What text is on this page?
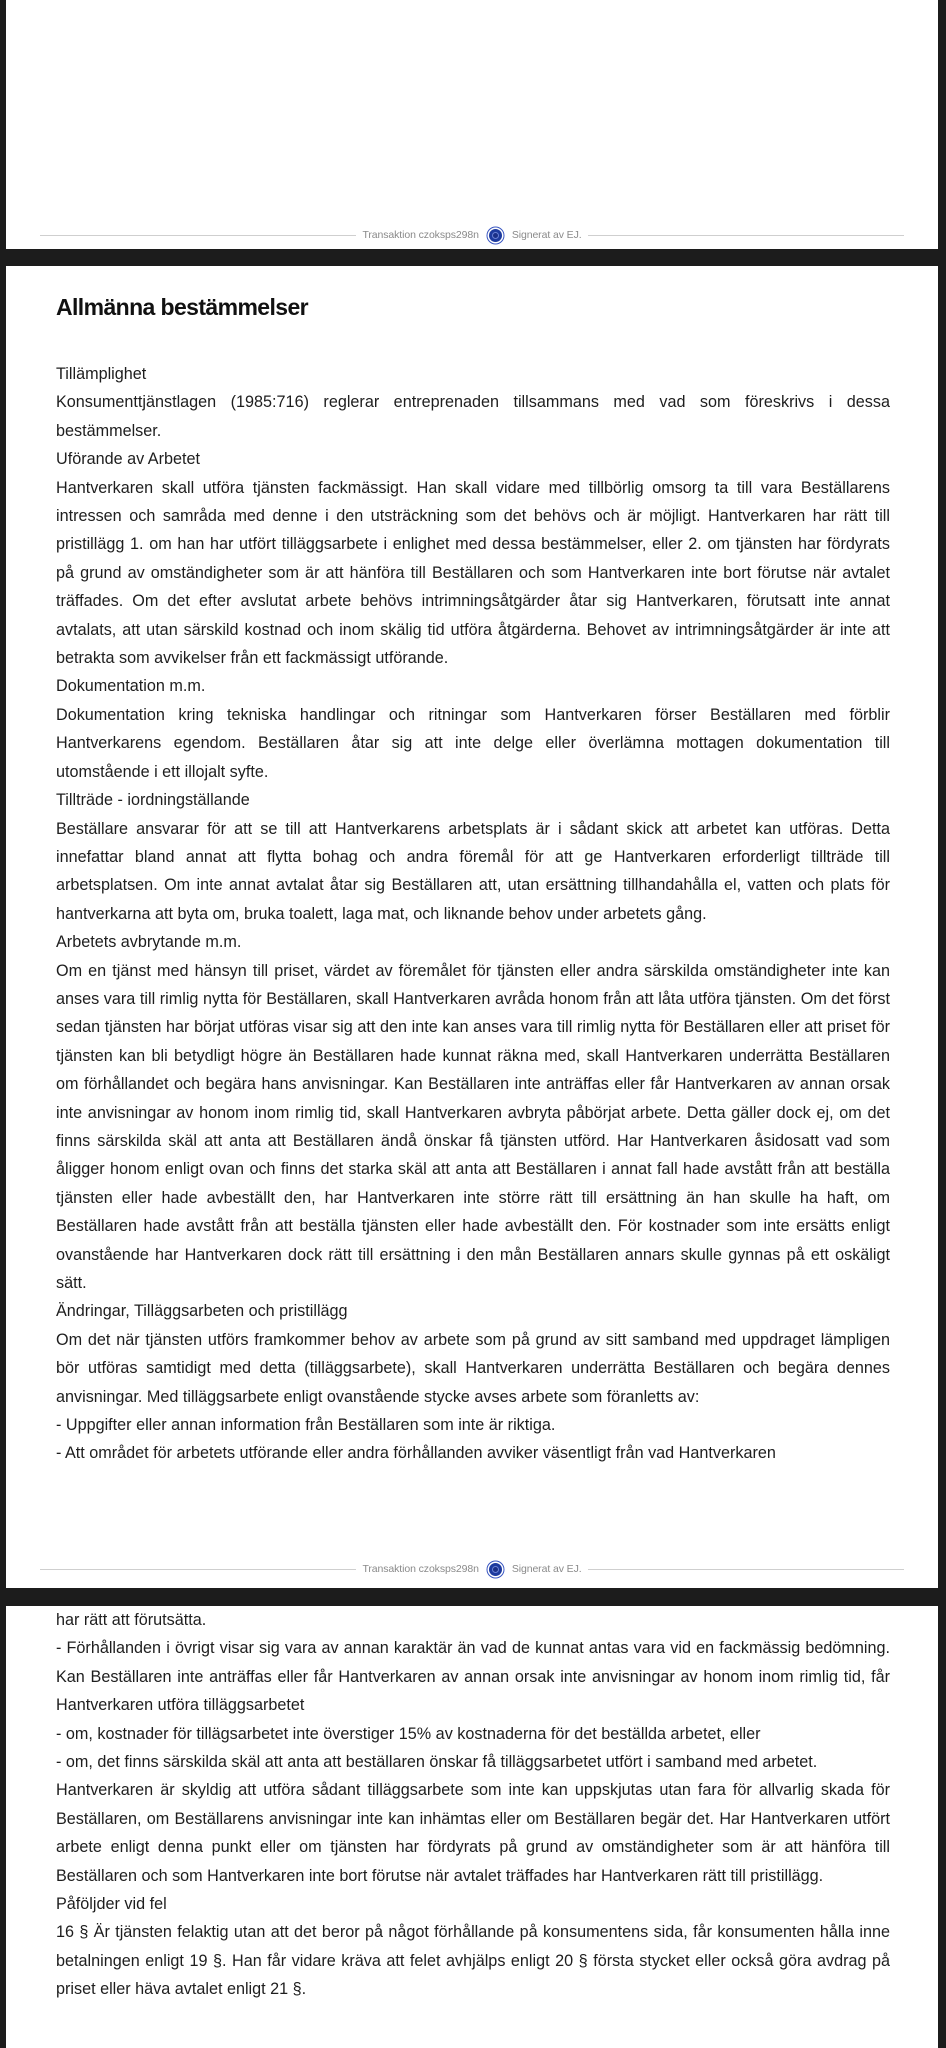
Transaktion czoksps298n	Signerat av EJ.
Allmänna bestämmelser

Tillämplighet

Konsumenttjänstlagen (1985:716) reglerar entreprenaden tillsammans med vad som föreskrivs i dessa bestämmelser.

Uförande av Arbetet

Hantverkaren skall utföra tjänsten fackmässigt. Han skall vidare med tillbörlig omsorg ta till vara Beställarens intressen och samråda med denne i den utsträckning som det behövs och är möjligt. Hantverkaren har rätt till pristillägg 1. om han har utfört tilläggsarbete i enlighet med dessa bestämmelser, eller 2. om tjänsten har fördyrats på grund av omständigheter som är att hänföra till Beställaren och som Hantverkaren inte bort förutse när avtalet träffades. Om det efter avslutat arbete behövs intrimningsåtgärder åtar sig Hantverkaren, förutsatt inte annat avtalats, att utan särskild kostnad och inom skälig tid utföra åtgärderna. Behovet av intrimningsåtgärder är inte att betrakta som avvikelser från ett fackmässigt utförande.

Dokumentation m.m.

Dokumentation kring tekniska handlingar och ritningar som Hantverkaren förser Beställaren med förblir Hantverkarens egendom. Beställaren åtar sig att inte delge eller överlämna mottagen dokumentation till utomstående i ett illojalt syfte.

Tillträde - iordningställande

Beställare ansvarar för att se till att Hantverkarens arbetsplats är i sådant skick att arbetet kan utföras. Detta innefattar bland annat att flytta bohag och andra föremål för att ge Hantverkaren erforderligt tillträde till arbetsplatsen. Om inte annat avtalat åtar sig Beställaren att, utan ersättning tillhandahålla el, vatten och plats för hantverkarna att byta om, bruka toalett, laga mat, och liknande behov under arbetets gång.

Arbetets avbrytande m.m.

Om en tjänst med hänsyn till priset, värdet av föremålet för tjänsten eller andra särskilda omständigheter inte kan anses vara till rimlig nytta för Beställaren, skall Hantverkaren avråda honom från att låta utföra tjänsten. Om det först sedan tjänsten har börjat utföras visar sig att den inte kan anses vara till rimlig nytta för Beställaren eller att priset för tjänsten kan bli betydligt högre än Beställaren hade kunnat räkna med, skall Hantverkaren underrätta Beställaren om förhållandet och begära hans anvisningar. Kan Beställaren inte anträffas eller får Hantverkaren av annan orsak inte anvisningar av honom inom rimlig tid, skall Hantverkaren avbryta påbörjat arbete. Detta gäller dock ej, om det finns särskilda skäl att anta att Beställaren ändå önskar få tjänsten utförd. Har Hantverkaren åsidosatt vad som åligger honom enligt ovan och finns det starka skäl att anta att Beställaren i annat fall hade avstått från att beställa tjänsten eller hade avbeställt den, har Hantverkaren inte större rätt till ersättning än han skulle ha haft, om Beställaren hade avstått från att beställa tjänsten eller hade avbeställt den. För kostnader som inte ersätts enligt ovanstående har Hantverkaren dock rätt till ersättning i den mån Beställaren annars skulle gynnas på ett oskäligt sätt.

Ändringar, Tilläggsarbeten och pristillägg

Om det när tjänsten utförs framkommer behov av arbete som på grund av sitt samband med uppdraget lämpligen bör utföras samtidigt med detta (tilläggsarbete), skall Hantverkaren underrätta Beställaren och begära dennes anvisningar. Med tilläggsarbete enligt ovanstående stycke avses arbete som föranletts av:

- Uppgifter eller annan information från Beställaren som inte är riktiga.

- Att området för arbetets utförande eller andra förhållanden avviker väsentligt från vad Hantverkaren

Transaktion czoksps298n	Signerat av EJ.

har rätt att förutsätta.

- Förhållanden i övrigt visar sig vara av annan karaktär än vad de kunnat antas vara vid en fackmässig bedömning. Kan Beställaren inte anträffas eller får Hantverkaren av annan orsak inte anvisningar av honom inom rimlig tid, får Hantverkaren utföra tilläggsarbetet

- om, kostnader för tillägsarbetet inte överstiger 15% av kostnaderna för det beställda arbetet, eller

- om, det finns särskilda skäl att anta att beställaren önskar få tilläggsarbetet utfört i samband med arbetet.

Hantverkaren är skyldig att utföra sådant tilläggsarbete som inte kan uppskjutas utan fara för allvarlig skada för Beställaren, om Beställarens anvisningar inte kan inhämtas eller om Beställaren begär det. Har Hantverkaren utfört arbete enligt denna punkt eller om tjänsten har fördyrats på grund av omständigheter som är att hänföra till Beställaren och som Hantverkaren inte bort förutse när avtalet träffades har Hantverkaren rätt till pristillägg.

Påföljder vid fel

16 § Är tjänsten felaktig utan att det beror på något förhållande på konsumentens sida, får konsumenten hålla inne betalningen enligt 19 §. Han får vidare kräva att felet avhjälps enligt 20 § första stycket eller också göra avdrag på priset eller häva avtalet enligt 21 §.
